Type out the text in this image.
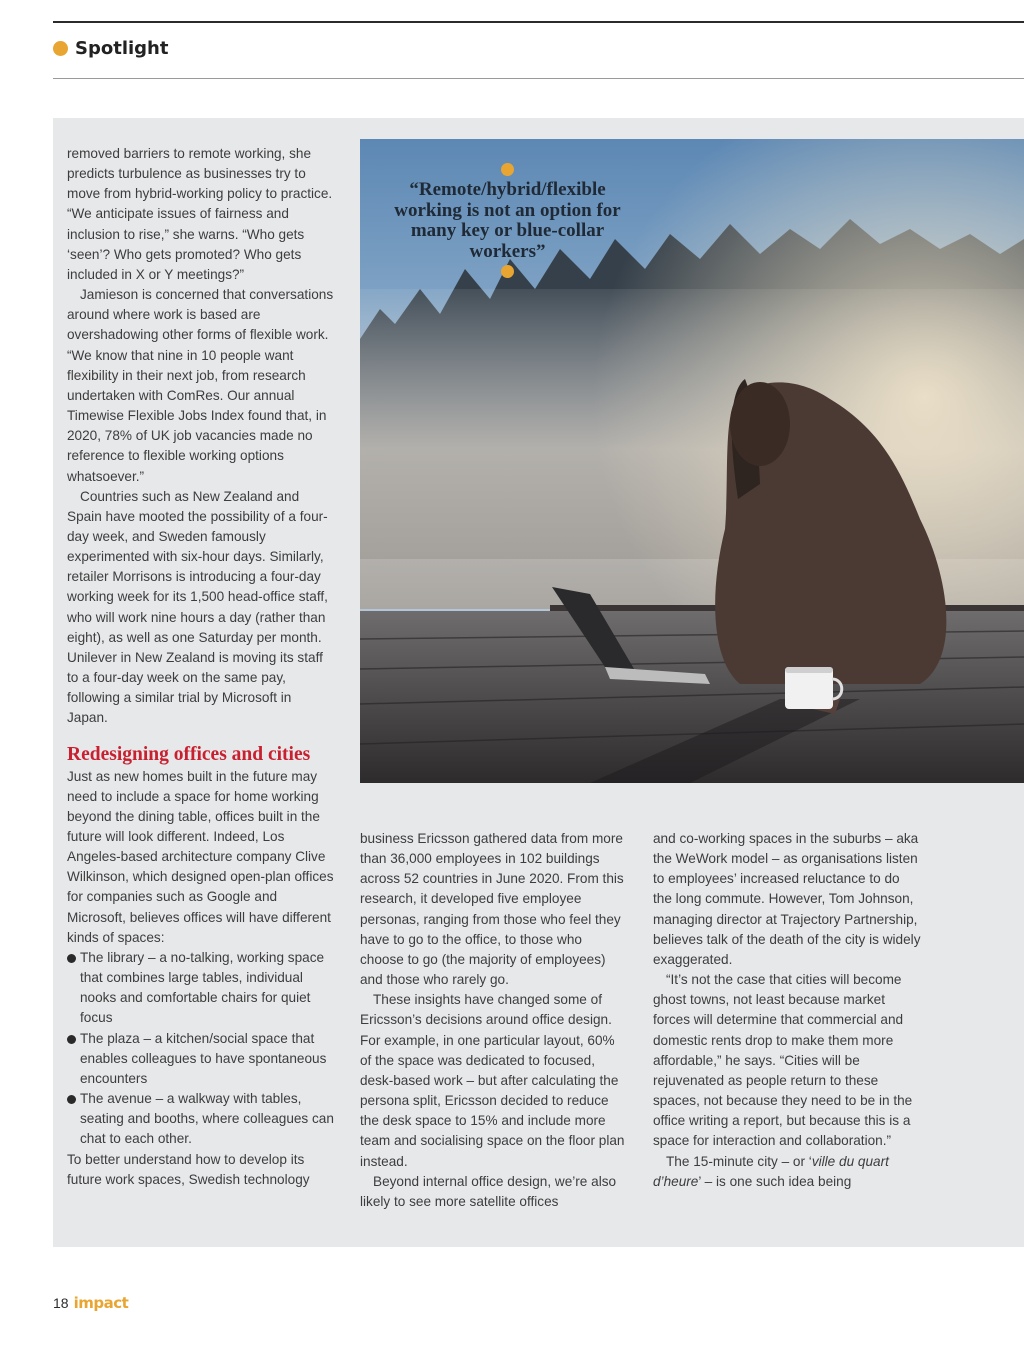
Spotlight

removed barriers to remote working, she predicts turbulence as businesses try to move from hybrid-working policy to practice. “We anticipate issues of fairness and inclusion to rise,” she warns. “Who gets ‘seen’? Who gets promoted? Who gets included in X or Y meetings?”

Jamieson is concerned that conversations around where work is based are overshadowing other forms of flexible work. “We know that nine in 10 people want flexibility in their next job, from research undertaken with ComRes. Our annual Timewise Flexible Jobs Index found that, in 2020, 78% of UK job vacancies made no reference to flexible working options whatsoever.”

Countries such as New Zealand and Spain have mooted the possibility of a four-day week, and Sweden famously experimented with six-hour days. Similarly, retailer Morrisons is introducing a four-day working week for its 1,500 head-office staff, who will work nine hours a day (rather than eight), as well as one Saturday per month. Unilever in New Zealand is moving its staff to a four-day week on the same pay, following a similar trial by Microsoft in Japan.

Redesigning offices and cities

Just as new homes built in the future may need to include a space for home working beyond the dining table, offices built in the future will look different. Indeed, Los Angeles-based architecture company Clive Wilkinson, which designed open-plan offices for companies such as Google and Microsoft, believes offices will have different kinds of spaces:

The library – a no-talking, working space that combines large tables, individual nooks and comfortable chairs for quiet focus
The plaza – a kitchen/social space that enables colleagues to have spontaneous encounters
The avenue – a walkway with tables, seating and booths, where colleagues can chat to each other.

To better understand how to develop its future work spaces, Swedish technology

“Remote/hybrid/flexible working is not an option for many key or blue-collar workers”

business Ericsson gathered data from more than 36,000 employees in 102 buildings across 52 countries in June 2020. From this research, it developed five employee personas, ranging from those who feel they have to go to the office, to those who choose to go (the majority of employees) and those who rarely go.

These insights have changed some of Ericsson’s decisions around office design. For example, in one particular layout, 60% of the space was dedicated to focused, desk-based work – but after calculating the persona split, Ericsson decided to reduce the desk space to 15% and include more team and socialising space on the floor plan instead.

Beyond internal office design, we’re also likely to see more satellite offices

and co-working spaces in the suburbs – aka the WeWork model – as organisations listen to employees’ increased reluctance to do the long commute. However, Tom Johnson, managing director at Trajectory Partnership, believes talk of the death of the city is widely exaggerated.

“It’s not the case that cities will become ghost towns, not least because market forces will determine that commercial and domestic rents drop to make them more affordable,” he says. “Cities will be rejuvenated as people return to these spaces, not because they need to be in the office writing a report, but because this is a space for interaction and collaboration.”

The 15-minute city – or ‘ville du quart d’heure’ – is one such idea being

18 impact
